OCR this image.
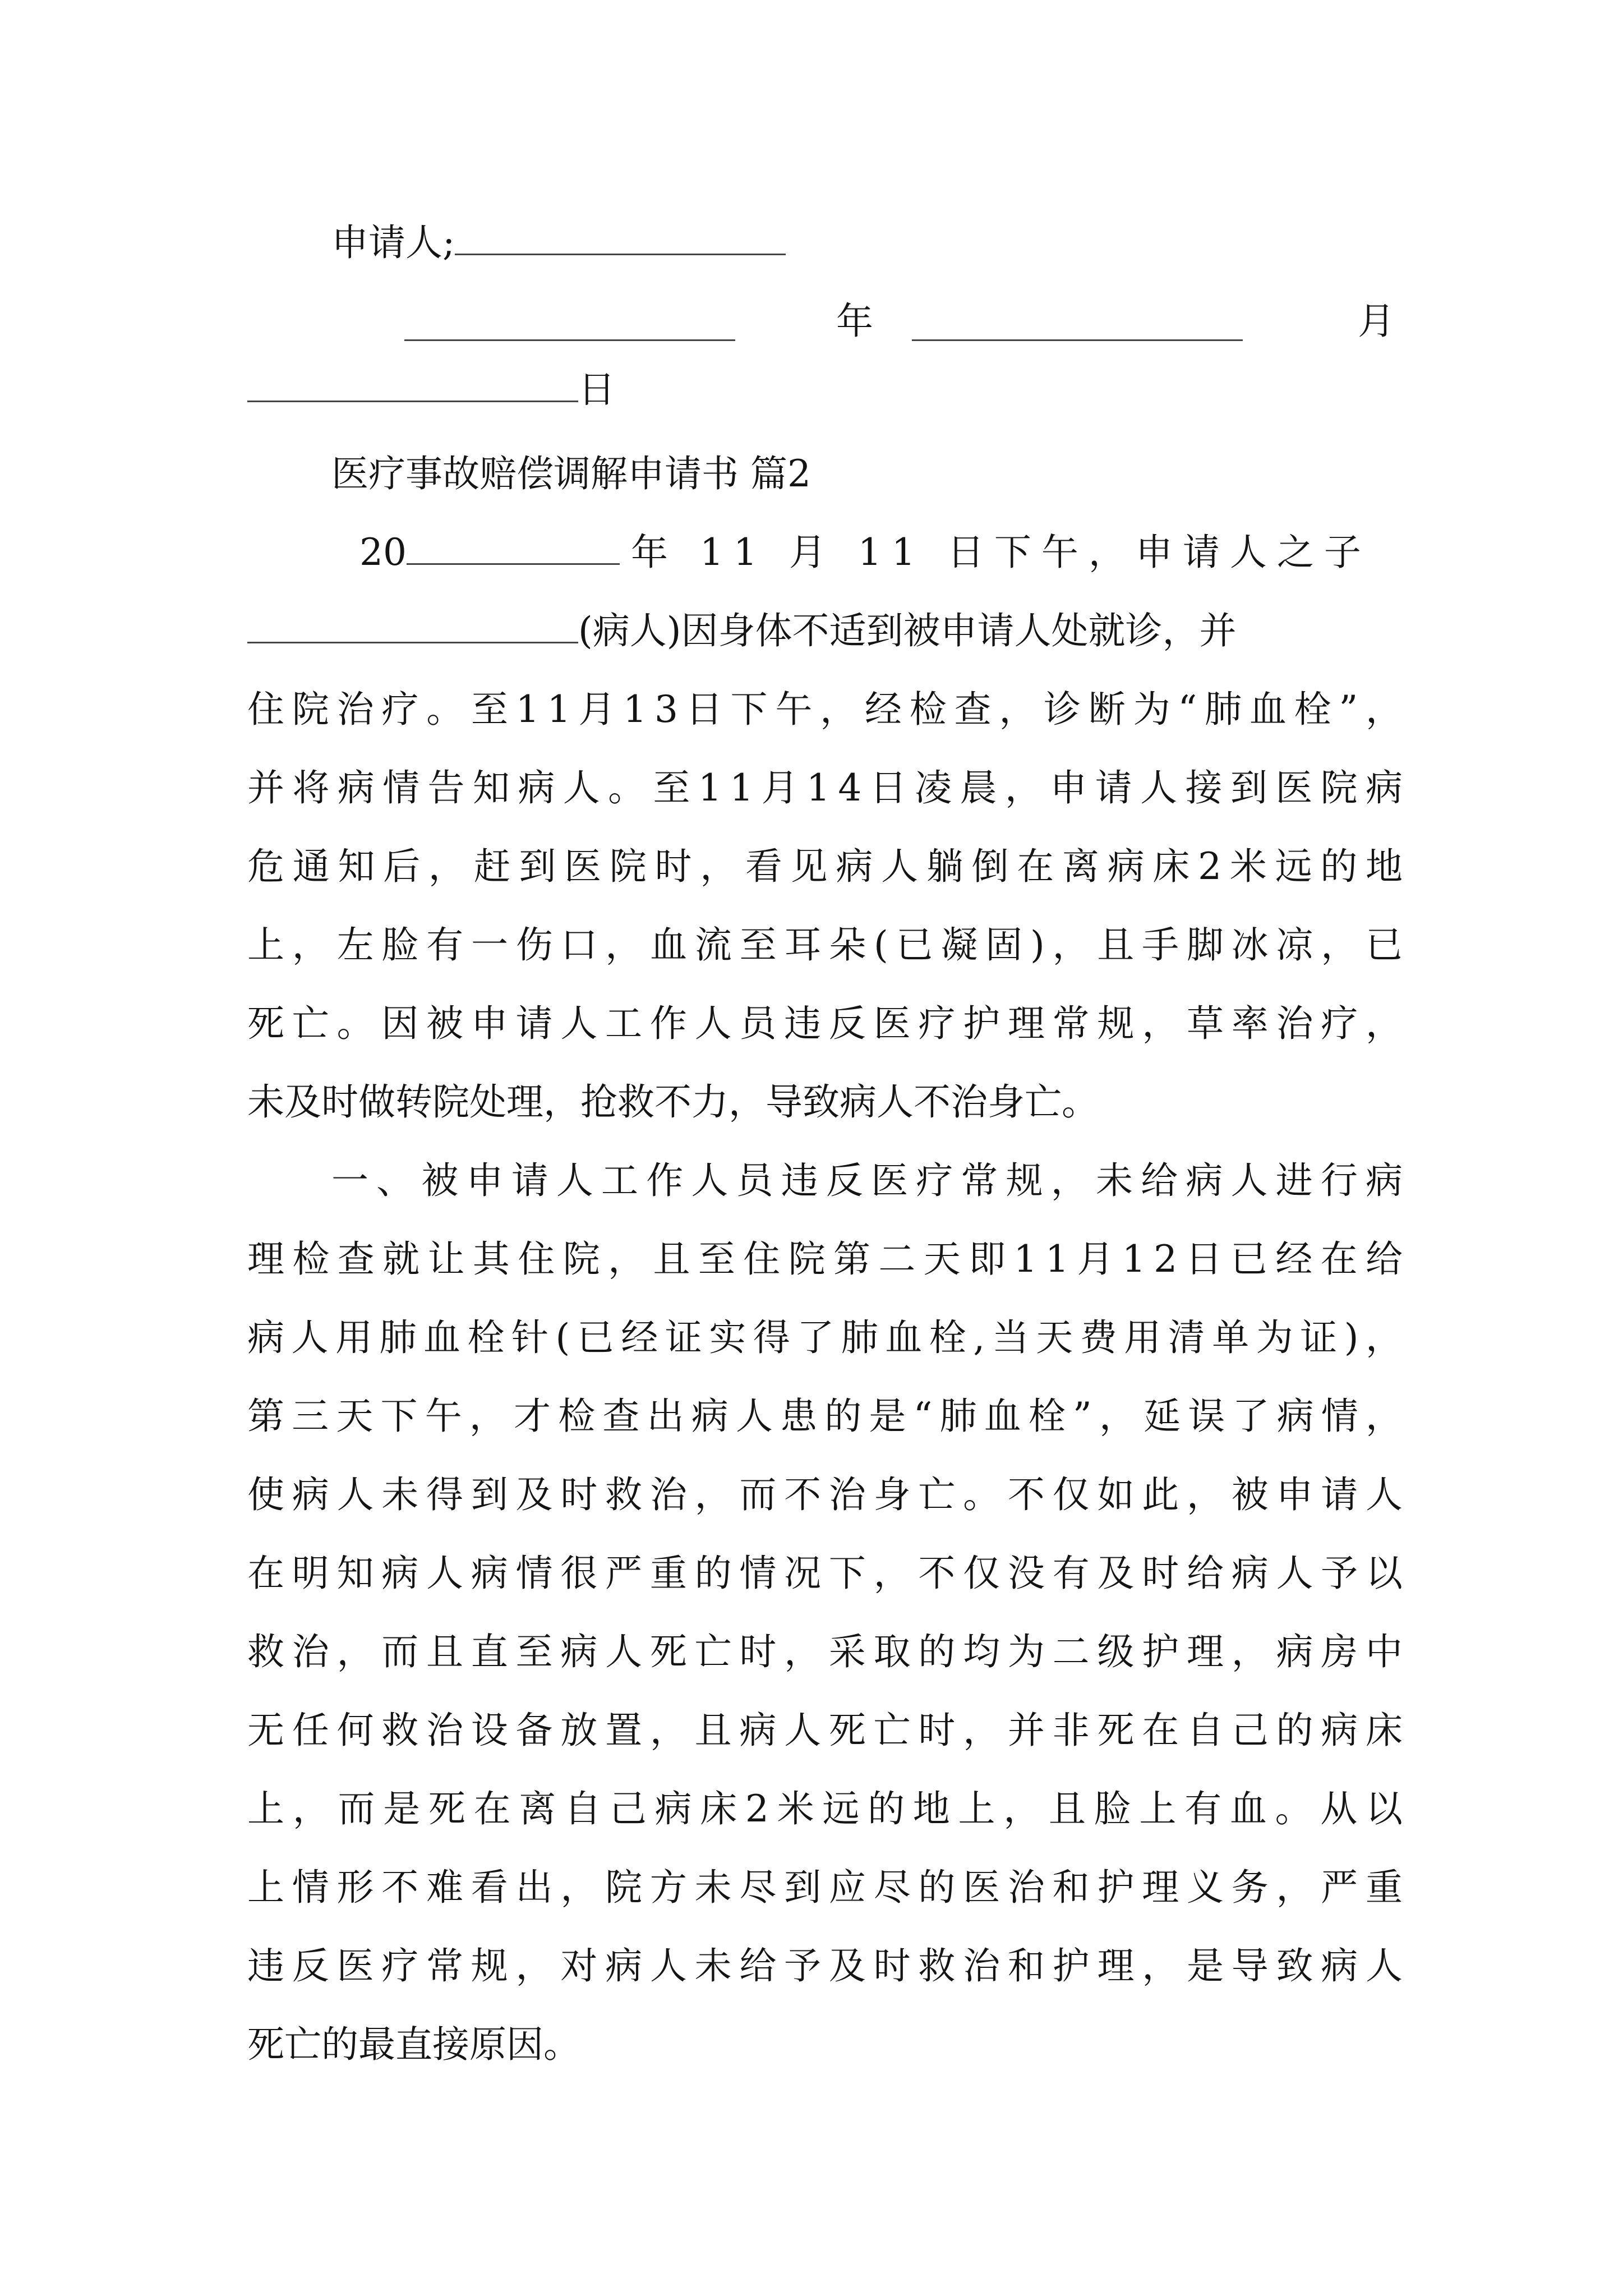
申请人;
年	月
日
医疗事故赔偿调解申请书 篇2
20	年 11 月 11 日下午，申请人之子
(病人)因身体不适到被申请人处就诊，并
住院治疗。至11月13日下午，经检查，诊断为“肺血栓”，
并将病情告知病人。至11月14日凌晨，申请人接到医院病
危通知后，赶到医院时，看见病人躺倒在离病床2米远的地
上，左脸有一伤口，血流至耳朵(已凝固)，且手脚冰凉，已
死亡。因被申请人工作人员违反医疗护理常规，草率治疗，
未及时做转院处理，抢救不力，导致病人不治身亡。
一、被申请人工作人员违反医疗常规，未给病人进行病
理检查就让其住院，且至住院第二天即11月12日已经在给
病人用肺血栓针(已经证实得了肺血栓,当天费用清单为证)，
第三天下午，才检查出病人患的是“肺血栓”，延误了病情，
使病人未得到及时救治，而不治身亡。不仅如此，被申请人
在明知病人病情很严重的情况下，不仅没有及时给病人予以
救治，而且直至病人死亡时，采取的均为二级护理，病房中
无任何救治设备放置，且病人死亡时，并非死在自己的病床
上，而是死在离自己病床2米远的地上，且脸上有血。从以
上情形不难看出，院方未尽到应尽的医治和护理义务，严重
违反医疗常规，对病人未给予及时救治和护理，是导致病人
死亡的最直接原因。
